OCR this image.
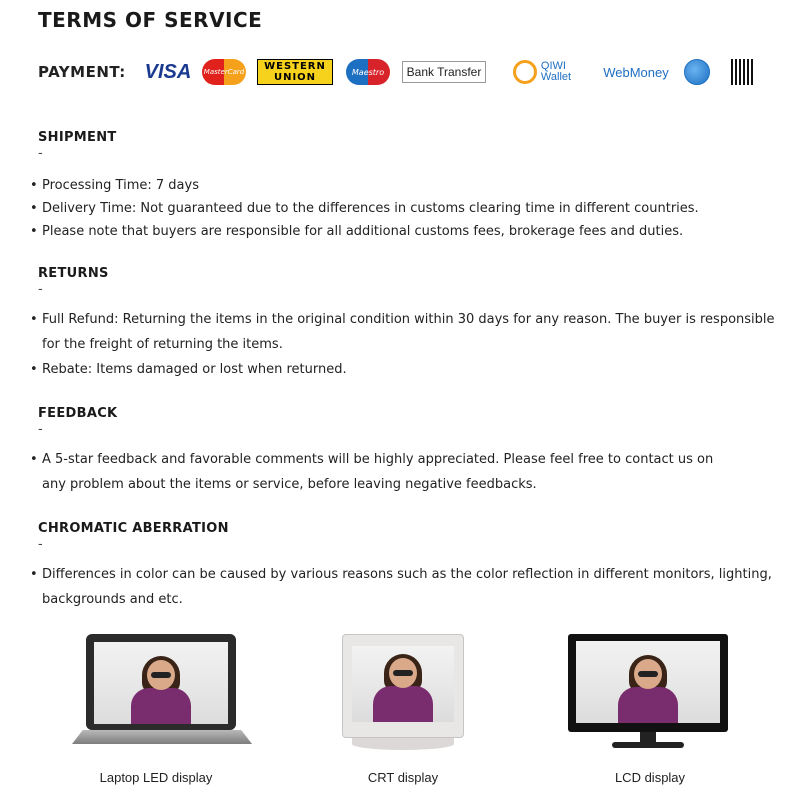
TERMS OF SERVICE
PAYMENT: VISA	MasterCard	WESTERN
UNION	Maestro	Bank Transfer	QIWI
Wallet	WebMoney
SHIPMENT
-
• Processing Time: 7 days
• Delivery Time: Not guaranteed due to the differences in customs clearing time in different countries.
• Please note that buyers are responsible for all additional customs fees, brokerage fees and duties.
RETURNS
-
• Full Refund: Returning the items in the original condition within 30 days for any reason. The buyer is responsible for the freight of returning the items.
• Rebate: Items damaged or lost when returned.
FEEDBACK
-
• A 5-star feedback and favorable comments will be highly appreciated. Please feel free to contact us on any problem about the items or service, before leaving negative feedbacks.
CHROMATIC ABERRATION
-
• Differences in color can be caused by various reasons such as the color reflection in different monitors, lighting, backgrounds and etc.
Laptop LED display	CRT display	LCD display
